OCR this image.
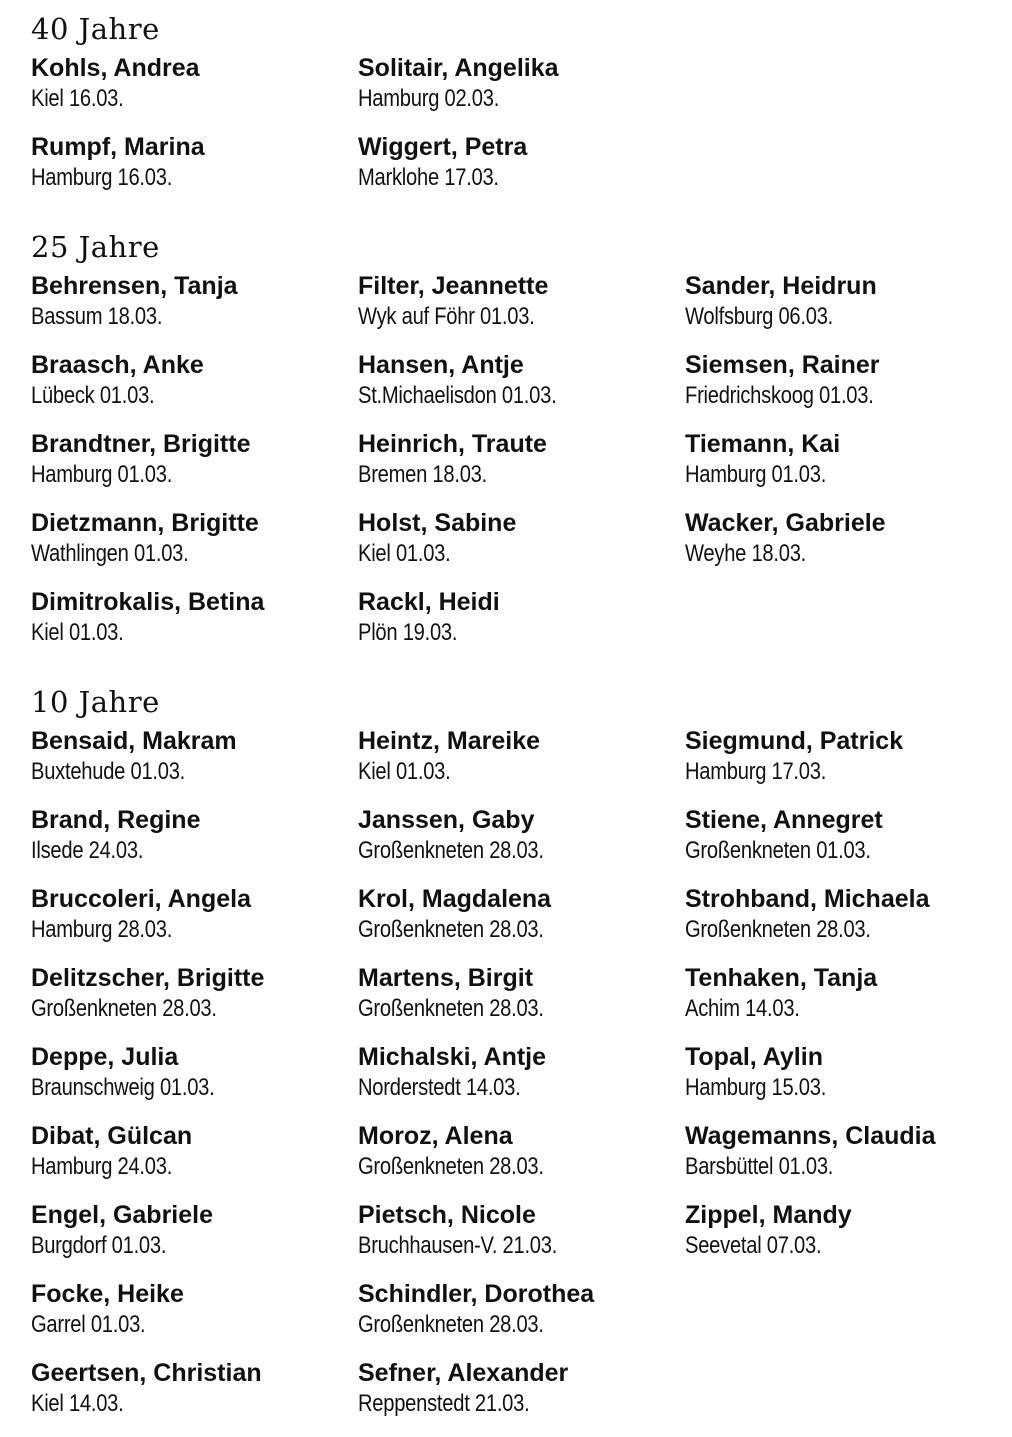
40 Jahre
Kohls, Andrea
Kiel 16.03.
Solitair, Angelika
Hamburg 02.03.
Rumpf, Marina
Hamburg 16.03.
Wiggert, Petra
Marklohe 17.03.
25 Jahre
Behrensen, Tanja
Bassum 18.03.
Filter, Jeannette
Wyk auf Föhr 01.03.
Sander, Heidrun
Wolfsburg 06.03.
Braasch, Anke
Lübeck 01.03.
Hansen, Antje
St.Michaelisdon 01.03.
Siemsen, Rainer
Friedrichskoog 01.03.
Brandtner, Brigitte
Hamburg 01.03.
Heinrich, Traute
Bremen 18.03.
Tiemann, Kai
Hamburg 01.03.
Dietzmann, Brigitte
Wathlingen 01.03.
Holst, Sabine
Kiel 01.03.
Wacker, Gabriele
Weyhe 18.03.
Dimitrokalis, Betina
Kiel 01.03.
Rackl, Heidi
Plön 19.03.
10 Jahre
Bensaid, Makram
Buxtehude 01.03.
Heintz, Mareike
Kiel 01.03.
Siegmund, Patrick
Hamburg 17.03.
Brand, Regine
Ilsede 24.03.
Janssen, Gaby
Großenkneten 28.03.
Stiene, Annegret
Großenkneten 01.03.
Bruccoleri, Angela
Hamburg 28.03.
Krol, Magdalena
Großenkneten 28.03.
Strohband, Michaela
Großenkneten 28.03.
Delitzscher, Brigitte
Großenkneten 28.03.
Martens, Birgit
Großenkneten 28.03.
Tenhaken, Tanja
Achim 14.03.
Deppe, Julia
Braunschweig 01.03.
Michalski, Antje
Norderstedt 14.03.
Topal, Aylin
Hamburg 15.03.
Dibat, Gülcan
Hamburg 24.03.
Moroz, Alena
Großenkneten 28.03.
Wagemanns, Claudia
Barsbüttel 01.03.
Engel, Gabriele
Burgdorf 01.03.
Pietsch, Nicole
Bruchhausen-V. 21.03.
Zippel, Mandy
Seevetal 07.03.
Focke, Heike
Garrel 01.03.
Schindler, Dorothea
Großenkneten 28.03.
Geertsen, Christian
Kiel 14.03.
Sefner, Alexander
Reppenstedt 21.03.
